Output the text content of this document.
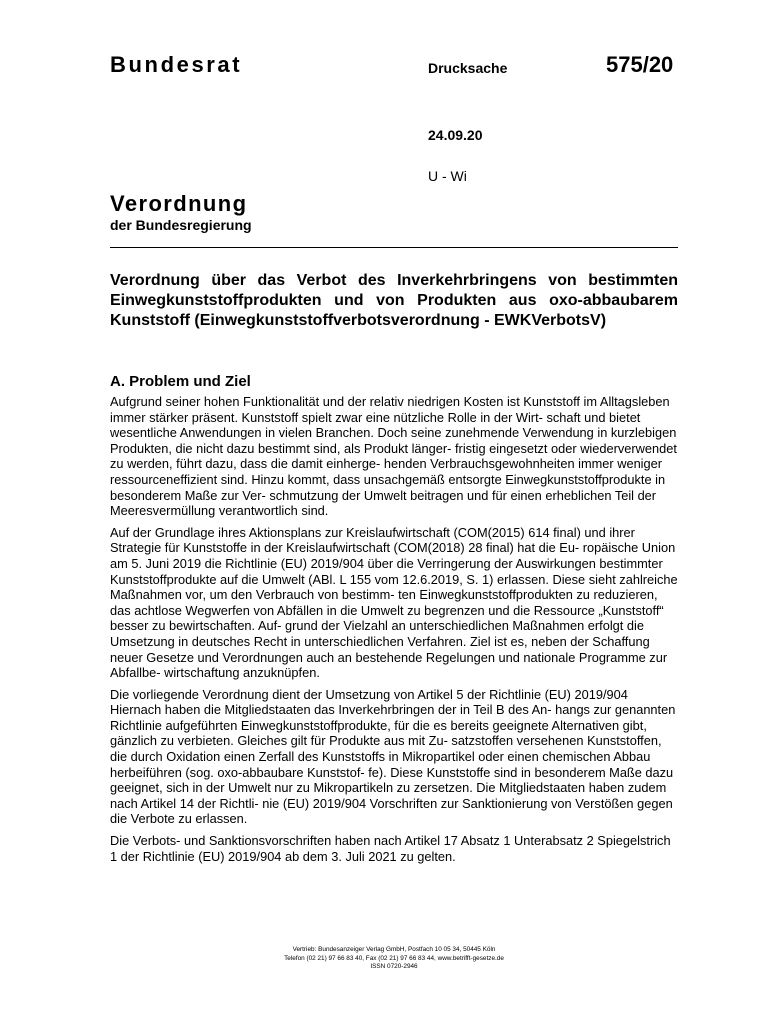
Bundesrat	Drucksache	575/20
24.09.20
U - Wi
Verordnung
der Bundesregierung
Verordnung über das Verbot des Inverkehrbringens von bestimmten Einwegkunststoffprodukten und von Produkten aus oxo-abbaubarem Kunststoff (Einwegkunststoffverbotsverordnung - EWKVerbotsV)
A. Problem und Ziel

Aufgrund seiner hohen Funktionalität und der relativ niedrigen Kosten ist Kunststoff im Alltagsleben immer stärker präsent. Kunststoff spielt zwar eine nützliche Rolle in der Wirt- schaft und bietet wesentliche Anwendungen in vielen Branchen. Doch seine zunehmende Verwendung in kurzlebigen Produkten, die nicht dazu bestimmt sind, als Produkt länger- fristig eingesetzt oder wiederverwendet zu werden, führt dazu, dass die damit einherge- henden Verbrauchsgewohnheiten immer weniger ressourceneffizient sind. Hinzu kommt, dass unsachgemäß entsorgte Einwegkunststoffprodukte in besonderem Maße zur Ver- schmutzung der Umwelt beitragen und für einen erheblichen Teil der Meeresvermüllung verantwortlich sind.

Auf der Grundlage ihres Aktionsplans zur Kreislaufwirtschaft (COM(2015) 614 final) und ihrer Strategie für Kunststoffe in der Kreislaufwirtschaft (COM(2018) 28 final) hat die Eu- ropäische Union am 5. Juni 2019 die Richtlinie (EU) 2019/904 über die Verringerung der Auswirkungen bestimmter Kunststoffprodukte auf die Umwelt (ABl. L 155 vom 12.6.2019, S. 1) erlassen. Diese sieht zahlreiche Maßnahmen vor, um den Verbrauch von bestimm- ten Einwegkunststoffprodukten zu reduzieren, das achtlose Wegwerfen von Abfällen in die Umwelt zu begrenzen und die Ressource „Kunststoff“ besser zu bewirtschaften. Auf- grund der Vielzahl an unterschiedlichen Maßnahmen erfolgt die Umsetzung in deutsches Recht in unterschiedlichen Verfahren. Ziel ist es, neben der Schaffung neuer Gesetze und Verordnungen auch an bestehende Regelungen und nationale Programme zur Abfallbe- wirtschaftung anzuknüpfen.

Die vorliegende Verordnung dient der Umsetzung von Artikel 5 der Richtlinie (EU) 2019/904 Hiernach haben die Mitgliedstaaten das Inverkehrbringen der in Teil B des An- hangs zur genannten Richtlinie aufgeführten Einwegkunststoffprodukte, für die es bereits geeignete Alternativen gibt, gänzlich zu verbieten. Gleiches gilt für Produkte aus mit Zu- satzstoffen versehenen Kunststoffen, die durch Oxidation einen Zerfall des Kunststoffs in Mikropartikel oder einen chemischen Abbau herbeiführen (sog. oxo-abbaubare Kunststof- fe). Diese Kunststoffe sind in besonderem Maße dazu geeignet, sich in der Umwelt nur zu Mikropartikeln zu zersetzen. Die Mitgliedstaaten haben zudem nach Artikel 14 der Richtli- nie (EU) 2019/904 Vorschriften zur Sanktionierung von Verstößen gegen die Verbote zu erlassen.

Die Verbots- und Sanktionsvorschriften haben nach Artikel 17 Absatz 1 Unterabsatz 2 Spiegelstrich 1 der Richtlinie (EU) 2019/904 ab dem 3. Juli 2021 zu gelten.

Vertrieb: Bundesanzeiger Verlag GmbH, Postfach 10 05 34, 50445 Köln
Telefon (02 21) 97 66 83 40, Fax (02 21) 97 66 83 44, www.betrifft-gesetze.de
ISSN 0720-2946
